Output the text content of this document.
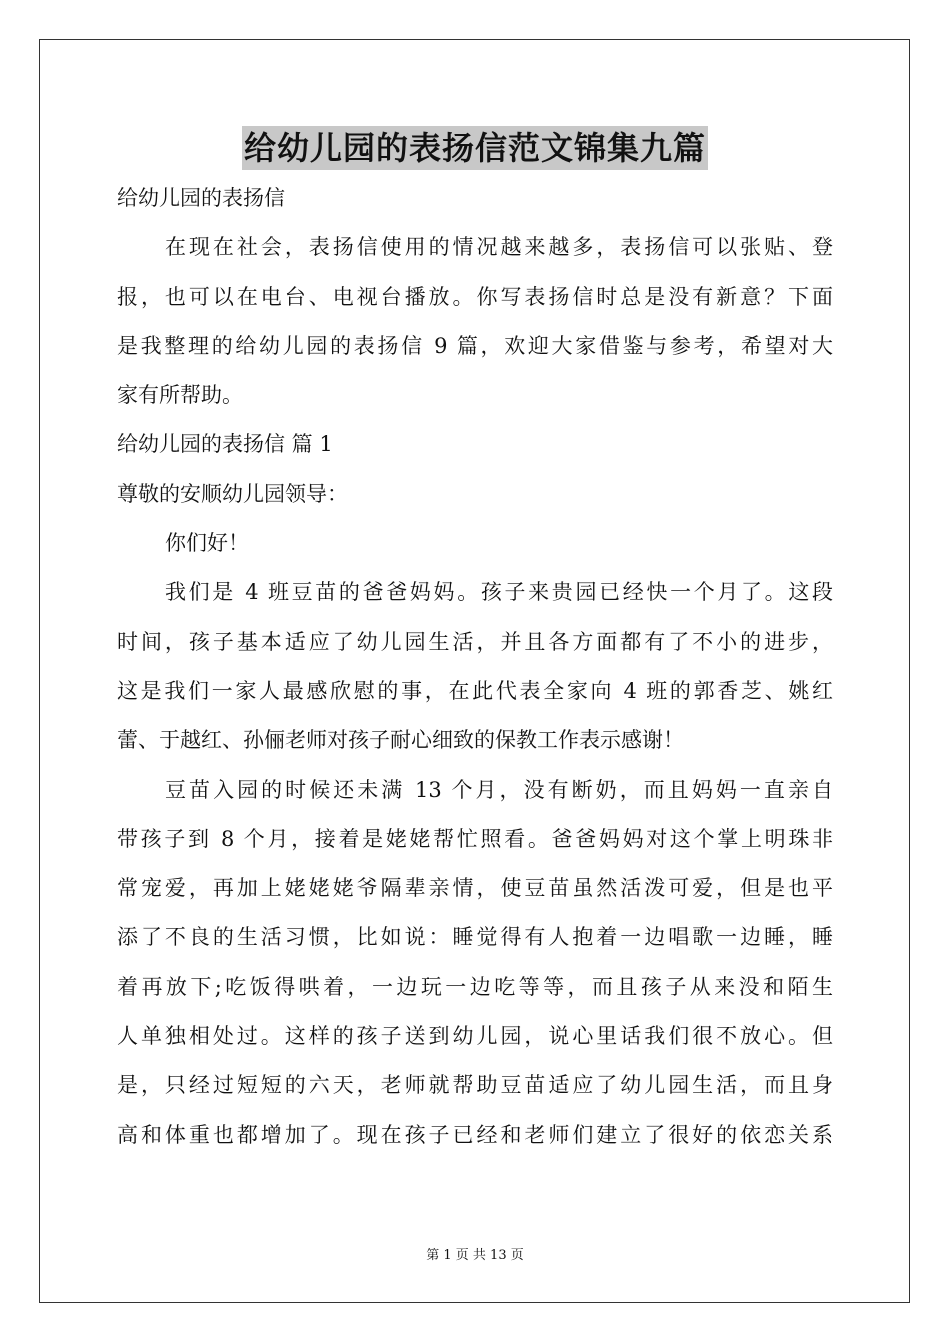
给幼儿园的表扬信范文锦集九篇
给幼儿园的表扬信
在现在社会，表扬信使用的情况越来越多，表扬信可以张贴、登
报，也可以在电台、电视台播放。你写表扬信时总是没有新意？下面
是我整理的给幼儿园的表扬信 9 篇，欢迎大家借鉴与参考，希望对大
家有所帮助。
给幼儿园的表扬信 篇 1
尊敬的安顺幼儿园领导：
你们好！
我们是 4 班豆苗的爸爸妈妈。孩子来贵园已经快一个月了。这段
时间，孩子基本适应了幼儿园生活，并且各方面都有了不小的进步，
这是我们一家人最感欣慰的事，在此代表全家向 4 班的郭香芝、姚红
蕾、于越红、孙俪老师对孩子耐心细致的保教工作表示感谢！
豆苗入园的时候还未满 13 个月，没有断奶，而且妈妈一直亲自
带孩子到 8 个月，接着是姥姥帮忙照看。爸爸妈妈对这个掌上明珠非
常宠爱，再加上姥姥姥爷隔辈亲情，使豆苗虽然活泼可爱，但是也平
添了不良的生活习惯，比如说：睡觉得有人抱着一边唱歌一边睡，睡
着再放下;吃饭得哄着，一边玩一边吃等等，而且孩子从来没和陌生
人单独相处过。这样的孩子送到幼儿园，说心里话我们很不放心。但
是，只经过短短的六天，老师就帮助豆苗适应了幼儿园生活，而且身
高和体重也都增加了。现在孩子已经和老师们建立了很好的依恋关系
第 1 页 共 13 页
